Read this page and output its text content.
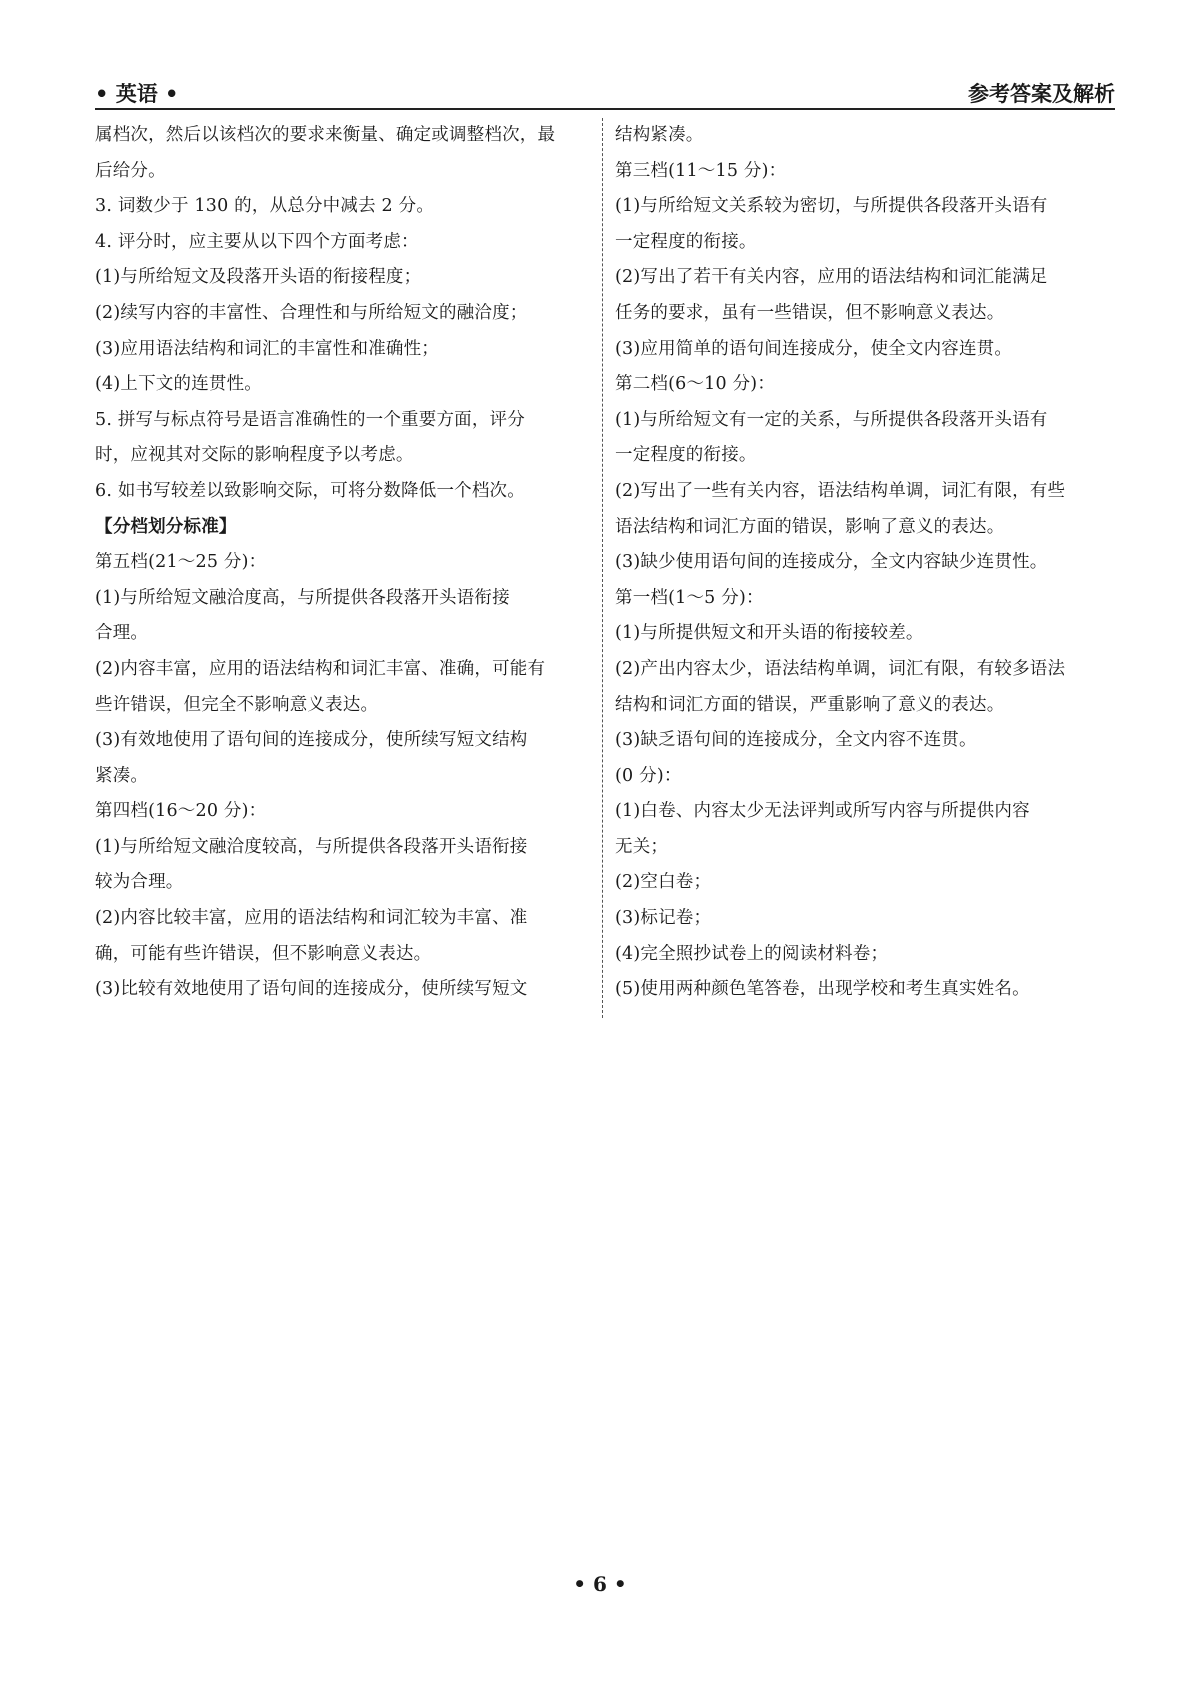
• 英语 •	参考答案及解析
属档次，然后以该档次的要求来衡量、确定或调整档次，最
后给分。
3. 词数少于 130 的，从总分中减去 2 分。
4. 评分时，应主要从以下四个方面考虑：
(1)与所给短文及段落开头语的衔接程度；
(2)续写内容的丰富性、合理性和与所给短文的融洽度；
(3)应用语法结构和词汇的丰富性和准确性；
(4)上下文的连贯性。
5. 拼写与标点符号是语言准确性的一个重要方面，评分
时，应视其对交际的影响程度予以考虑。
6. 如书写较差以致影响交际，可将分数降低一个档次。
【分档划分标准】
第五档(21～25 分)：
(1)与所给短文融洽度高，与所提供各段落开头语衔接
合理。
(2)内容丰富，应用的语法结构和词汇丰富、准确，可能有
些许错误，但完全不影响意义表达。
(3)有效地使用了语句间的连接成分，使所续写短文结构
紧凑。
第四档(16～20 分)：
(1)与所给短文融洽度较高，与所提供各段落开头语衔接
较为合理。
(2)内容比较丰富，应用的语法结构和词汇较为丰富、准
确，可能有些许错误，但不影响意义表达。
(3)比较有效地使用了语句间的连接成分，使所续写短文
结构紧凑。
第三档(11～15 分)：
(1)与所给短文关系较为密切，与所提供各段落开头语有
一定程度的衔接。
(2)写出了若干有关内容，应用的语法结构和词汇能满足
任务的要求，虽有一些错误，但不影响意义表达。
(3)应用简单的语句间连接成分，使全文内容连贯。
第二档(6～10 分)：
(1)与所给短文有一定的关系，与所提供各段落开头语有
一定程度的衔接。
(2)写出了一些有关内容，语法结构单调，词汇有限，有些
语法结构和词汇方面的错误，影响了意义的表达。
(3)缺少使用语句间的连接成分，全文内容缺少连贯性。
第一档(1～5 分)：
(1)与所提供短文和开头语的衔接较差。
(2)产出内容太少，语法结构单调，词汇有限，有较多语法
结构和词汇方面的错误，严重影响了意义的表达。
(3)缺乏语句间的连接成分，全文内容不连贯。
(0 分)：
(1)白卷、内容太少无法评判或所写内容与所提供内容
无关；
(2)空白卷；
(3)标记卷；
(4)完全照抄试卷上的阅读材料卷；
(5)使用两种颜色笔答卷，出现学校和考生真实姓名。
• 6 •
